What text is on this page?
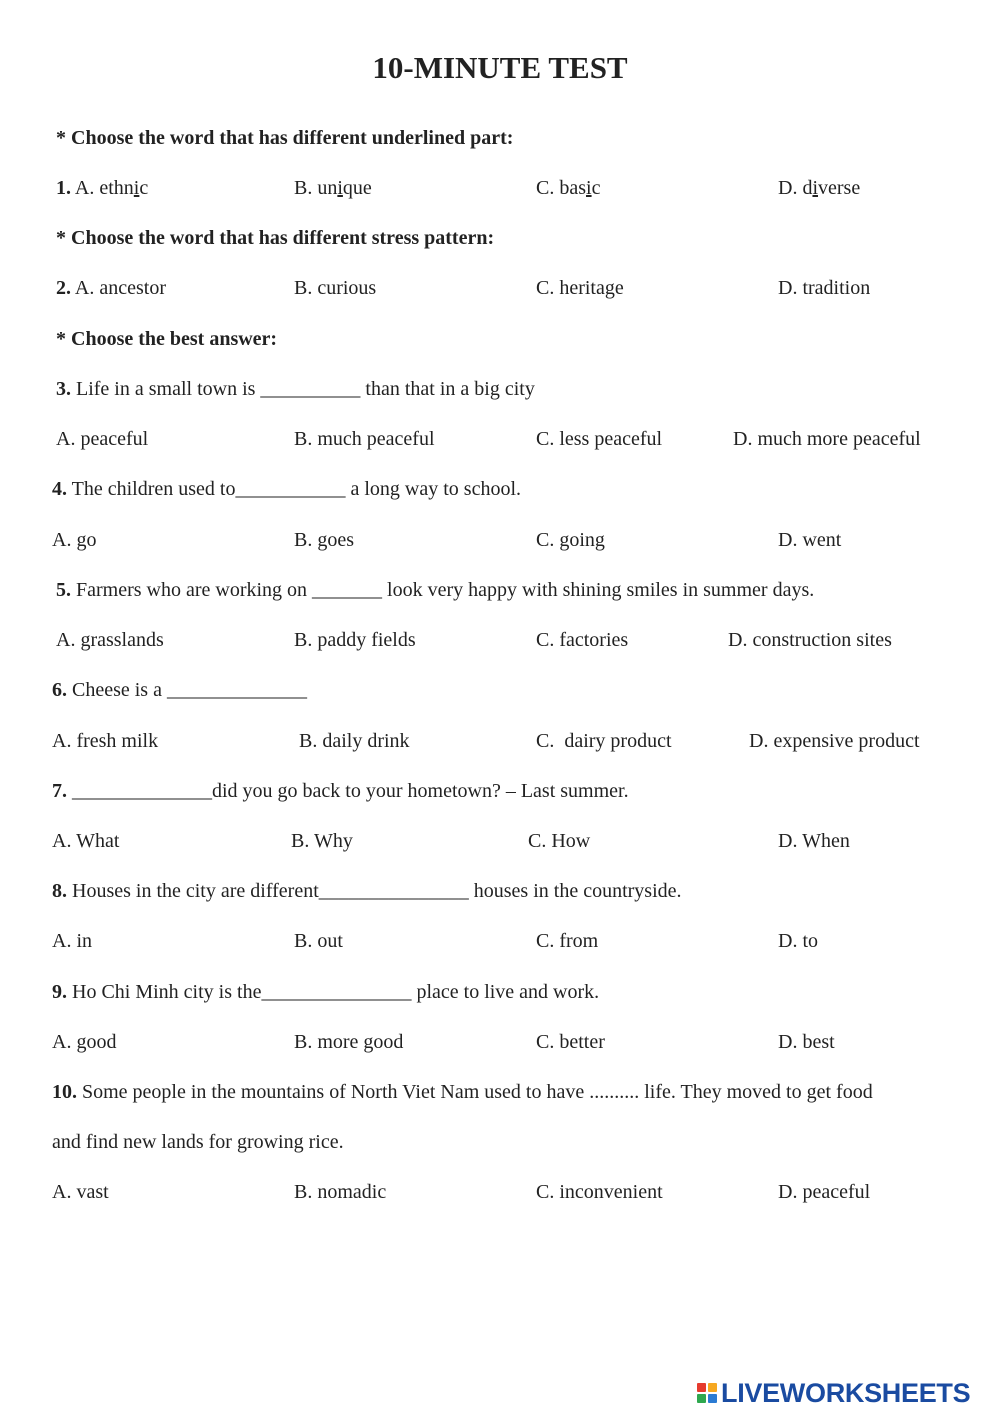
10-MINUTE TEST
* Choose the word that has different underlined part:
1. A. ethnic	B. unique	C. basic	D. diverse
* Choose the word that has different stress pattern:
2. A. ancestor	B. curious	C. heritage	D. tradition
* Choose the best answer:
3. Life in a small town is __________ than that in a big city
A. peaceful	B. much peaceful	C. less peaceful	D. much more peaceful
4. The children used to___________ a long way to school.
A. go	B. goes	C. going	D. went
5. Farmers who are working on _______ look very happy with shining smiles in summer days.
A. grasslands	B. paddy fields	C. factories	D. construction sites
6. Cheese is a ______________
A. fresh milk	B. daily drink	C.  dairy product	D. expensive product
7. ______________did you go back to your hometown? – Last summer.
A. What	B. Why	C. How	D. When
8. Houses in the city are different_______________ houses in the countryside.
A. in	B. out	C. from	D. to
9. Ho Chi Minh city is the_______________ place to live and work.
A. good	B. more good	C. better	D. best
10. Some people in the mountains of North Viet Nam used to have .......... life. They moved to get food
and find new lands for growing rice.
A. vast	B. nomadic	C. inconvenient	D. peaceful
LIVEWORKSHEETS
